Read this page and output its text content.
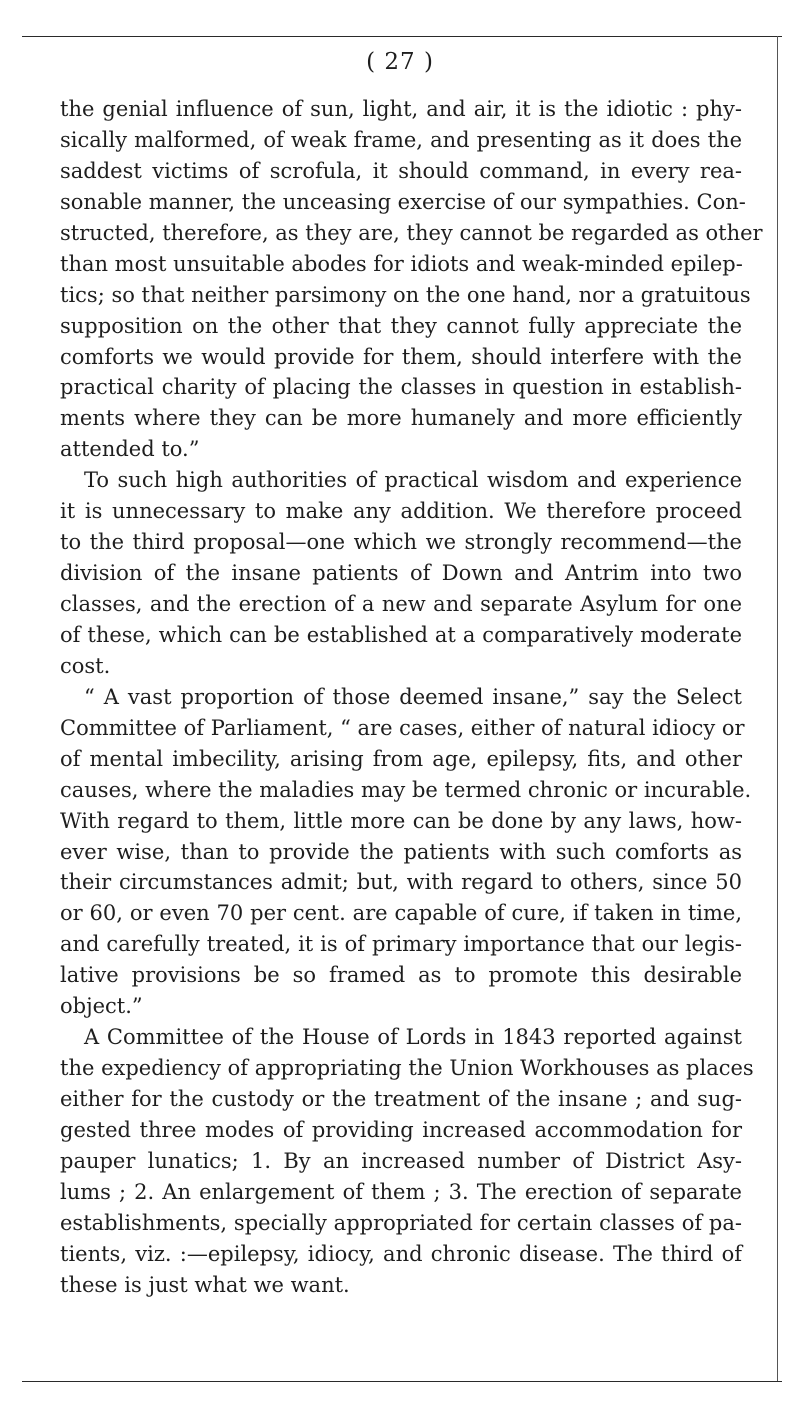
( 27 )
the genial influence of sun, light, and air, it is the idiotic : phy-
sically malformed, of weak frame, and presenting as it does the
saddest victims of scrofula, it should command, in every rea-
sonable manner, the unceasing exercise of our sympathies. Con-
structed, therefore, as they are, they cannot be regarded as other
than most unsuitable abodes for idiots and weak-minded epilep-
tics; so that neither parsimony on the one hand, nor a gratuitous
supposition on the other that they cannot fully appreciate the
comforts we would provide for them, should interfere with the
practical charity of placing the classes in question in establish-
ments where they can be more humanely and more efficiently
attended to.”
To such high authorities of practical wisdom and experience
it is unnecessary to make any addition. We therefore proceed
to the third proposal—one which we strongly recommend—the
division of the insane patients of Down and Antrim into two
classes, and the erection of a new and separate Asylum for one
of these, which can be established at a comparatively moderate
cost.
“ A vast proportion of those deemed insane,” say the Select
Committee of Parliament, “ are cases, either of natural idiocy or
of mental imbecility, arising from age, epilepsy, fits, and other
causes, where the maladies may be termed chronic or incurable.
With regard to them, little more can be done by any laws, how-
ever wise, than to provide the patients with such comforts as
their circumstances admit; but, with regard to others, since 50
or 60, or even 70 per cent. are capable of cure, if taken in time,
and carefully treated, it is of primary importance that our legis-
lative provisions be so framed as to promote this desirable
object.”
A Committee of the House of Lords in 1843 reported against
the expediency of appropriating the Union Workhouses as places
either for the custody or the treatment of the insane ; and sug-
gested three modes of providing increased accommodation for
pauper lunatics; 1. By an increased number of District Asy-
lums ; 2. An enlargement of them ; 3. The erection of separate
establishments, specially appropriated for certain classes of pa-
tients, viz. :—epilepsy, idiocy, and chronic disease. The third of
these is just what we want.
